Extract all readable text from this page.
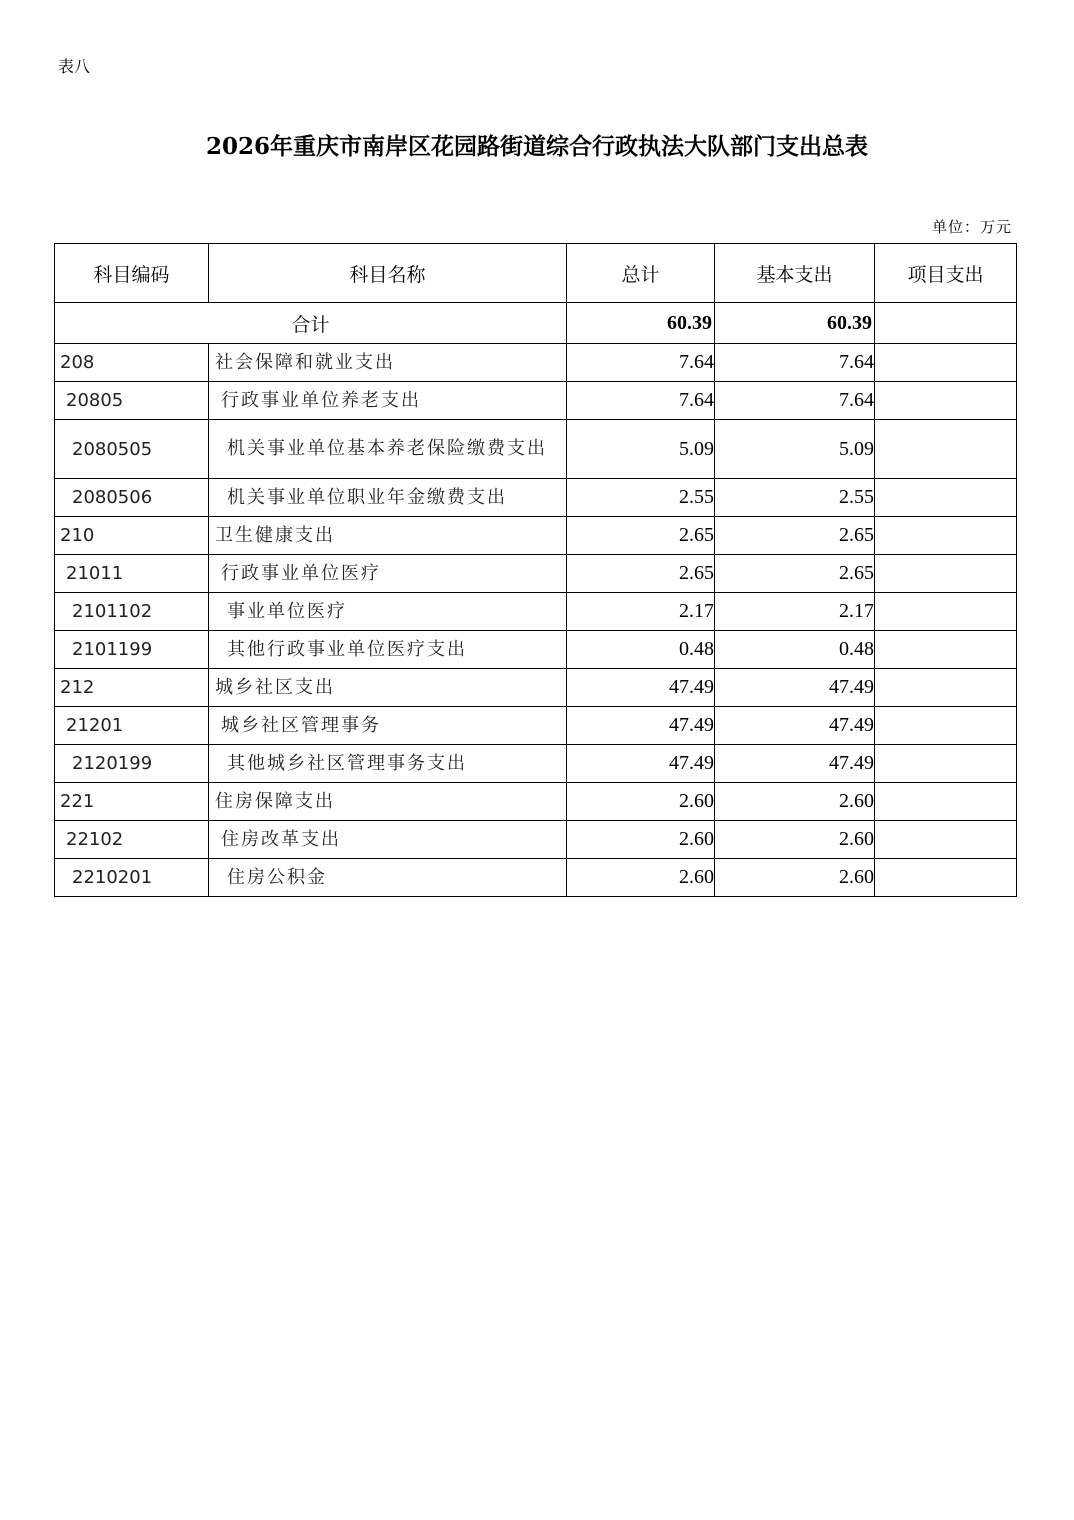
表八
2026年重庆市南岸区花园路街道综合行政执法大队部门支出总表
单位：万元
科目编码	科目名称	总计	基本支出	项目支出
合计		60.39	60.39	
208	社会保障和就业支出	7.64	7.64	
20805	行政事业单位养老支出	7.64	7.64	
2080505	机关事业单位基本养老保险缴费支出	5.09	5.09	
2080506	机关事业单位职业年金缴费支出	2.55	2.55	
210	卫生健康支出	2.65	2.65	
21011	行政事业单位医疗	2.65	2.65	
2101102	事业单位医疗	2.17	2.17	
2101199	其他行政事业单位医疗支出	0.48	0.48	
212	城乡社区支出	47.49	47.49	
21201	城乡社区管理事务	47.49	47.49	
2120199	其他城乡社区管理事务支出	47.49	47.49	
221	住房保障支出	2.60	2.60	
22102	住房改革支出	2.60	2.60	
2210201	住房公积金	2.60	2.60	
